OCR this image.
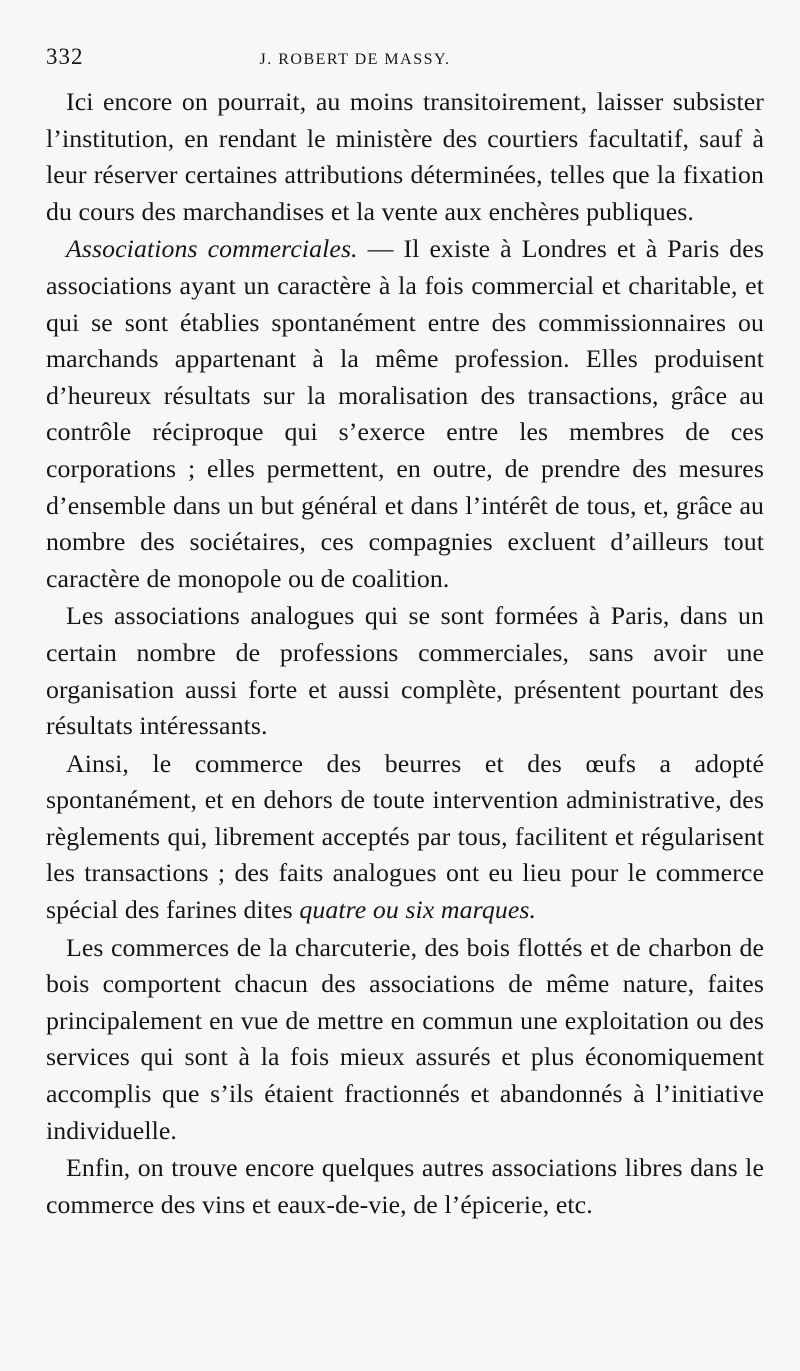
332	J. ROBERT DE MASSY.

Ici encore on pourrait, au moins transitoirement, laisser subsister l’institution, en rendant le ministère des courtiers facultatif, sauf à leur réserver certaines attributions déterminées, telles que la fixation du cours des marchandises et la vente aux enchères publiques.

Associations commerciales. — Il existe à Londres et à Paris des associations ayant un caractère à la fois commercial et charitable, et qui se sont établies spontanément entre des commissionnaires ou marchands appartenant à la même profession. Elles produisent d’heureux résultats sur la moralisation des transactions, grâce au contrôle réciproque qui s’exerce entre les membres de ces corporations ; elles permettent, en outre, de prendre des mesures d’ensemble dans un but général et dans l’intérêt de tous, et, grâce au nombre des sociétaires, ces compagnies excluent d’ailleurs tout caractère de monopole ou de coalition.

Les associations analogues qui se sont formées à Paris, dans un certain nombre de professions commerciales, sans avoir une organisation aussi forte et aussi complète, présentent pourtant des résultats intéressants.

Ainsi, le commerce des beurres et des œufs a adopté spontanément, et en dehors de toute intervention administrative, des règlements qui, librement acceptés par tous, facilitent et régularisent les transactions ; des faits analogues ont eu lieu pour le commerce spécial des farines dites quatre ou six marques.

Les commerces de la charcuterie, des bois flottés et de charbon de bois comportent chacun des associations de même nature, faites principalement en vue de mettre en commun une exploitation ou des services qui sont à la fois mieux assurés et plus économiquement accomplis que s’ils étaient fractionnés et abandonnés à l’initiative individuelle.

Enfin, on trouve encore quelques autres associations libres dans le commerce des vins et eaux-de-vie, de l’épicerie, etc.
